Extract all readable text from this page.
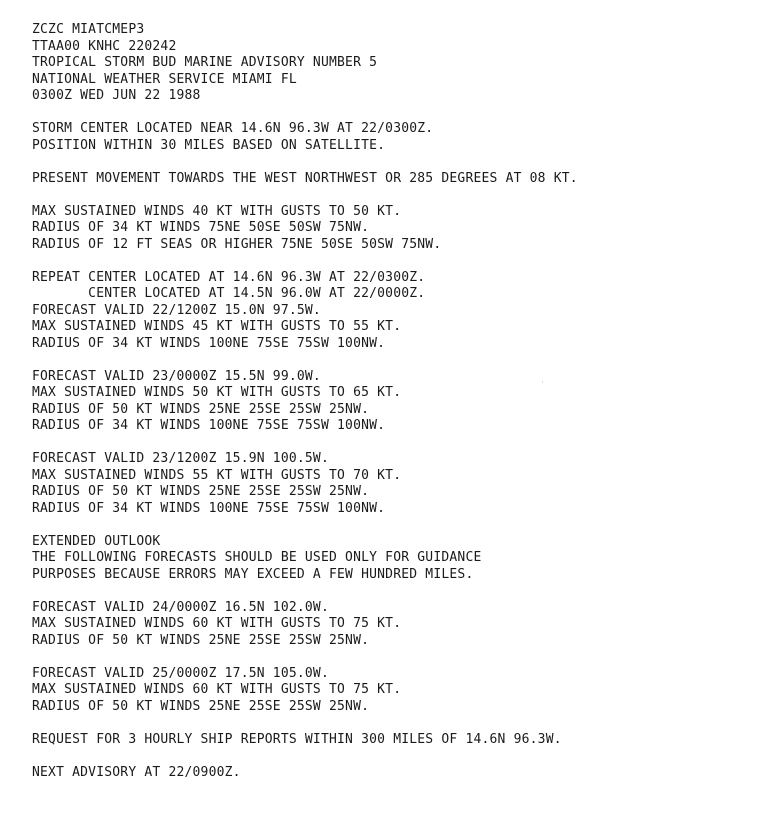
ZCZC MIATCMEP3
TTAA00 KNHC 220242
TROPICAL STORM BUD MARINE ADVISORY NUMBER 5
NATIONAL WEATHER SERVICE MIAMI FL
0300Z WED JUN 22 1988
STORM CENTER LOCATED NEAR 14.6N 96.3W AT 22/0300Z.
POSITION WITHIN 30 MILES BASED ON SATELLITE.
PRESENT MOVEMENT TOWARDS THE WEST NORTHWEST OR 285 DEGREES AT 08 KT.
MAX SUSTAINED WINDS 40 KT WITH GUSTS TO 50 KT.
RADIUS OF 34 KT WINDS 75NE 50SE 50SW 75NW.
RADIUS OF 12 FT SEAS OR HIGHER 75NE 50SE 50SW 75NW.
REPEAT CENTER LOCATED AT 14.6N 96.3W AT 22/0300Z.
CENTER LOCATED AT 14.5N 96.0W AT 22/0000Z.
FORECAST VALID 22/1200Z 15.0N 97.5W.
MAX SUSTAINED WINDS 45 KT WITH GUSTS TO 55 KT.
RADIUS OF 34 KT WINDS 100NE 75SE 75SW 100NW.
FORECAST VALID 23/0000Z 15.5N 99.0W.
MAX SUSTAINED WINDS 50 KT WITH GUSTS TO 65 KT.
RADIUS OF 50 KT WINDS 25NE 25SE 25SW 25NW.
RADIUS OF 34 KT WINDS 100NE 75SE 75SW 100NW.
FORECAST VALID 23/1200Z 15.9N 100.5W.
MAX SUSTAINED WINDS 55 KT WITH GUSTS TO 70 KT.
RADIUS OF 50 KT WINDS 25NE 25SE 25SW 25NW.
RADIUS OF 34 KT WINDS 100NE 75SE 75SW 100NW.
EXTENDED OUTLOOK
THE FOLLOWING FORECASTS SHOULD BE USED ONLY FOR GUIDANCE
PURPOSES BECAUSE ERRORS MAY EXCEED A FEW HUNDRED MILES.
FORECAST VALID 24/0000Z 16.5N 102.0W.
MAX SUSTAINED WINDS 60 KT WITH GUSTS TO 75 KT.
RADIUS OF 50 KT WINDS 25NE 25SE 25SW 25NW.
FORECAST VALID 25/0000Z 17.5N 105.0W.
MAX SUSTAINED WINDS 60 KT WITH GUSTS TO 75 KT.
RADIUS OF 50 KT WINDS 25NE 25SE 25SW 25NW.
REQUEST FOR 3 HOURLY SHIP REPORTS WITHIN 300 MILES OF 14.6N 96.3W.
NEXT ADVISORY AT 22/0900Z.
⋅
